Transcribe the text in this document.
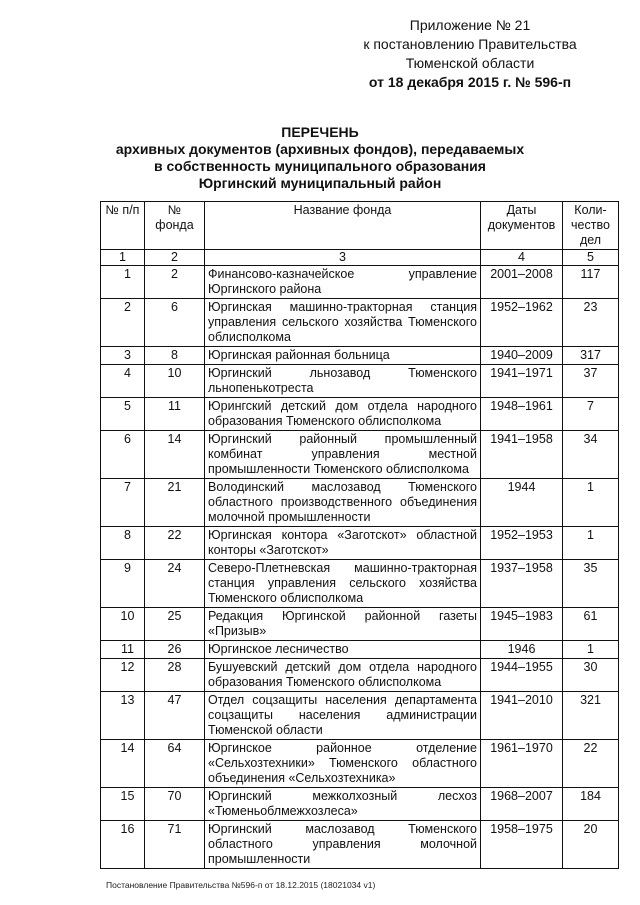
Приложение № 21
к постановлению Правительства
Тюменской области
от 18 декабря 2015 г. № 596-п
ПЕРЕЧЕНЬ
архивных документов (архивных фондов), передаваемых
в собственность муниципального образования
Юргинский муниципальный район
№ п/п	№ фонда	Название фонда	Даты документов	Коли-чество дел
1	2	3	4	5
1	2	Финансово-казначейское управление Юргинского района	2001–2008	117
2	6	Юргинская машинно-тракторная станция управления сельского хозяйства Тюменского облисполкома	1952–1962	23
3	8	Юргинская районная больница	1940–2009	317
4	10	Юргинский льнозавод Тюменского льнопенькотреста	1941–1971	37
5	11	Юрингский детский дом отдела народного образования Тюменского облисполкома	1948–1961	7
6	14	Юргинский районный промышленный комбинат управления местной промышленности Тюменского облисполкома	1941–1958	34
7	21	Володинский маслозавод Тюменского областного производственного объединения молочной промышленности	1944	1
8	22	Юргинская контора «Заготскот» областной конторы «Заготскот»	1952–1953	1
9	24	Северо-Плетневская машинно-тракторная станция управления сельского хозяйства Тюменского облисполкома	1937–1958	35
10	25	Редакция Юргинской районной газеты «Призыв»	1945–1983	61
11	26	Юргинское лесничество	1946	1
12	28	Бушуевский детский дом отдела народного образования Тюменского облисполкома	1944–1955	30
13	47	Отдел соцзащиты населения департамента соцзащиты населения администрации Тюменской области	1941–2010	321
14	64	Юргинское районное отделение «Сельхозтехники» Тюменского областного объединения «Сельхозтехника»	1961–1970	22
15	70	Юргинский межколхозный лесхоз «Тюменьоблмежхозлеса»	1968–2007	184
16	71	Юргинский маслозавод Тюменского областного управления молочной промышленности	1958–1975	20
Постановление Правительства №596-п от 18.12.2015 (18021034 v1)
